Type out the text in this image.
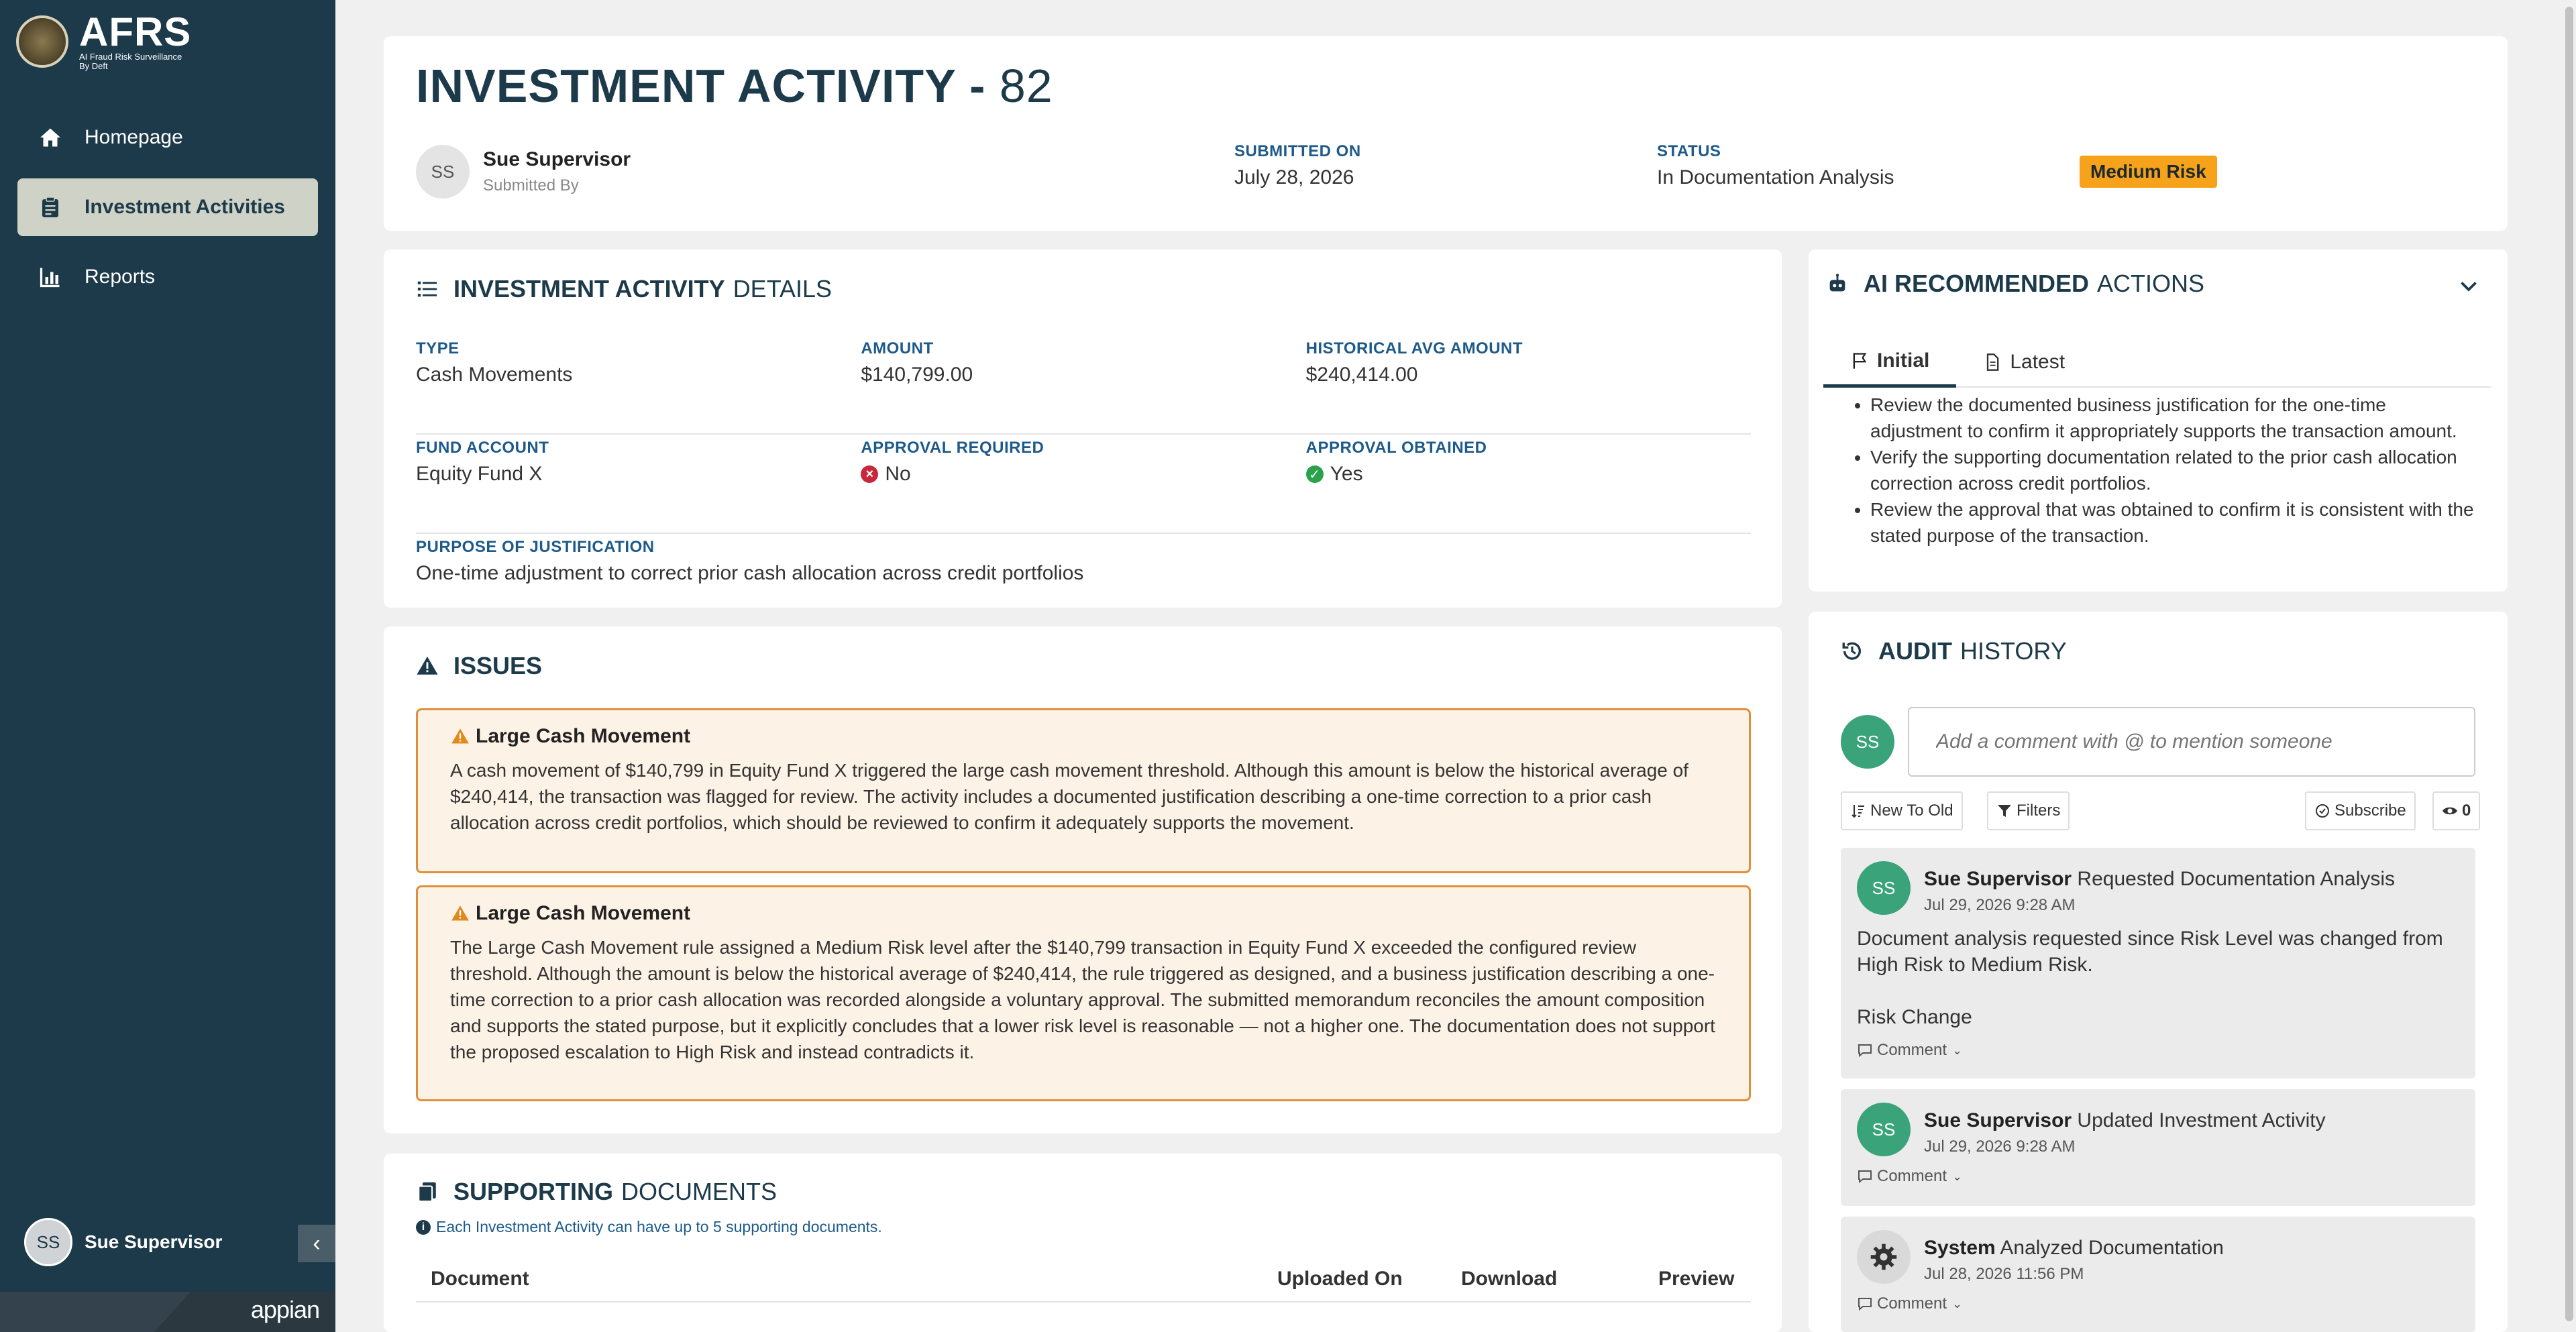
AFRS
AI Fraud Risk Surveillance
By Deft
Homepage
Investment Activities
Reports
SS	Sue Supervisor	‹
appian
INVESTMENT ACTIVITY - 82
SS
Sue Supervisor
Submitted By
SUBMITTED ON
July 28, 2026
STATUS
In Documentation Analysis	Medium Risk
INVESTMENT ACTIVITY DETAILS
TYPE
Cash Movements
AMOUNT
$140,799.00
HISTORICAL AVG AMOUNT
$240,414.00
FUND ACCOUNT
Equity Fund X
APPROVAL REQUIRED
× No
APPROVAL OBTAINED
✓ Yes
PURPOSE OF JUSTIFICATION
One-time adjustment to correct prior cash allocation across credit portfolios
ISSUES
Large Cash Movement
A cash movement of $140,799 in Equity Fund X triggered the large cash movement threshold. Although this amount is below the historical average of $240,414, the transaction was flagged for review. The activity includes a documented justification describing a one-time correction to a prior cash allocation across credit portfolios, which should be reviewed to confirm it adequately supports the movement.
Large Cash Movement
The Large Cash Movement rule assigned a Medium Risk level after the $140,799 transaction in Equity Fund X exceeded the configured review threshold. Although the amount is below the historical average of $240,414, the rule triggered as designed, and a business justification describing a one-time correction to a prior cash allocation was recorded alongside a voluntary approval. The submitted memorandum reconciles the amount composition and supports the stated purpose, but it explicitly concludes that a lower risk level is reasonable — not a higher one. The documentation does not support the proposed escalation to High Risk and instead contradicts it.
SUPPORTING DOCUMENTS
i Each Investment Activity can have up to 5 supporting documents.
Document	Uploaded On	Download	Preview
AI RECOMMENDED ACTIONS
Initial	Latest
• Review the documented business justification for the one-time adjustment to confirm it appropriately supports the transaction amount.
• Verify the supporting documentation related to the prior cash allocation correction across credit portfolios.
• Review the approval that was obtained to confirm it is consistent with the stated purpose of the transaction.
AUDIT HISTORY
SS
Add a comment with @ to mention someone
New To Old	Filters	Subscribe	0
SS	Sue Supervisor Requested Documentation Analysis
Jul 29, 2026 9:28 AM

Document analysis requested since Risk Level was changed from High Risk to Medium Risk.

Risk Change

Comment ⌄
SS	Sue Supervisor Updated Investment Activity
Jul 29, 2026 9:28 AM
Comment ⌄
System Analyzed Documentation
Jul 28, 2026 11:56 PM
Comment ⌄
